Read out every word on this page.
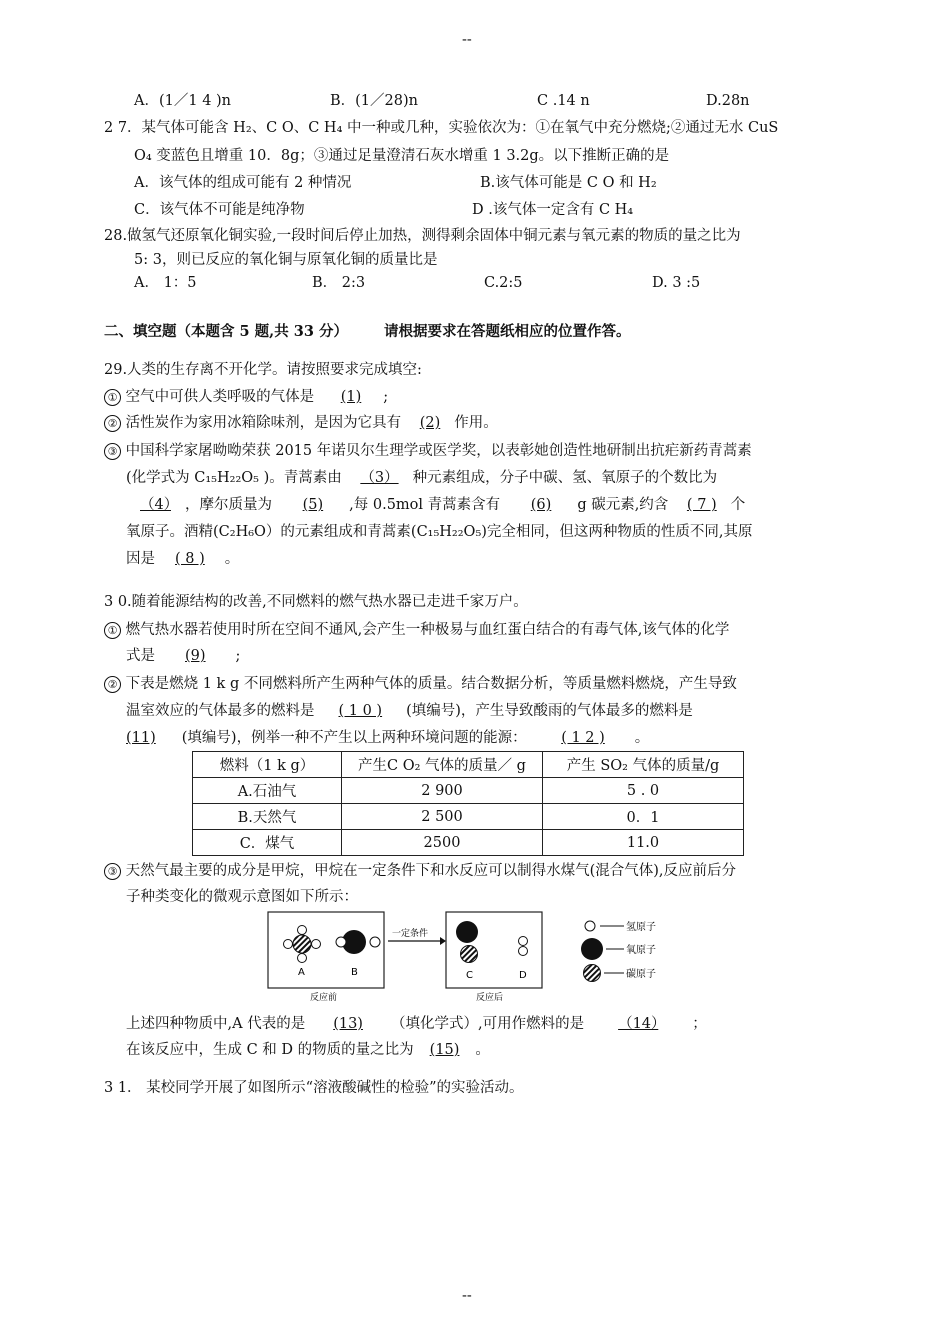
--
--
A．(1／1 4 )n	B．(1／28)n	C .14 n	D.28n
2 7．某气体可能含 H₂、C O、C H₄ 中一种或几种，实验依次为：①在氧气中充分燃烧;②通过无水 CuS
O₄ 变蓝色且增重 10．8g；③通过足量澄清石灰水增重 1 3.2g。以下推断正确的是
A．该气体的组成可能有 2 种情况	B.该气体可能是 C O 和 H₂
C．该气体不可能是纯净物	D .该气体一定含有 C H₄
28.做氢气还原氧化铜实验,一段时间后停止加热，测得剩余固体中铜元素与氧元素的物质的量之比为
5: 3，则已反应的氧化铜与原氧化铜的质量比是
A． 1：5	B． 2:3	C.2:5	D. 3 :5
二、填空题（本题含 5 题,共 33 分） 请根据要求在答题纸相应的位置作答。
29.人类的生存离不开化学。请按照要求完成填空:
① 空气中可供人类呼吸的气体是 (1) ;
② 活性炭作为家用冰箱除味剂，是因为它具有 (2) 作用。
③ 中国科学家屠呦呦荣获 2015 年诺贝尔生理学或医学奖，以表彰她创造性地研制出抗疟新药青蒿素
(化学式为 C₁₅H₂₂O₅ )。青蒿素由 （3） 种元素组成，分子中碳、氢、氧原子的个数比为
（4） ，摩尔质量为 (5) ,每 0.5mol 青蒿素含有 (6) g 碳元素,约含 ( 7 ) 个
氧原子。酒精(C₂H₆O）的元素组成和青蒿素(C₁₅H₂₂O₅)完全相同，但这两种物质的性质不同,其原
因是 ( 8 ) 。
3 0.随着能源结构的改善,不同燃料的燃气热水器已走进千家万户。
① 燃气热水器若使用时所在空间不通风,会产生一种极易与血红蛋白结合的有毒气体,该气体的化学
式是 (9) ;
② 下表是燃烧 1 k g 不同燃料所产生两种气体的质量。结合数据分析，等质量燃料燃烧，产生导致
温室效应的气体最多的燃料是 ( 1 0 ) (填编号)，产生导致酸雨的气体最多的燃料是
(11) (填编号)，例举一种不产生以上两种环境问题的能源： ( 1 2 ) 。
燃料（1 k g）	产生C O₂ 气体的质量／ g	产生 SO₂ 气体的质量/g
A.石油气	2 900	5 . 0
B.天然气	2 500	0．1
C．煤气	2500	11.0
③ 天然气最主要的成分是甲烷，甲烷在一定条件下和水反应可以制得水煤气(混合气体),反应前后分
子种类变化的微观示意图如下所示：
A	B
反应前
一定条件
C	D
反应后
氢原子
氧原子
碳原子
上述四种物质中,A 代表的是 (13) （填化学式）,可用作燃料的是 （14） ；
在该反应中，生成 C 和 D 的物质的量之比为 (15) 。
3 1． 某校同学开展了如图所示“溶液酸碱性的检验”的实验活动。
